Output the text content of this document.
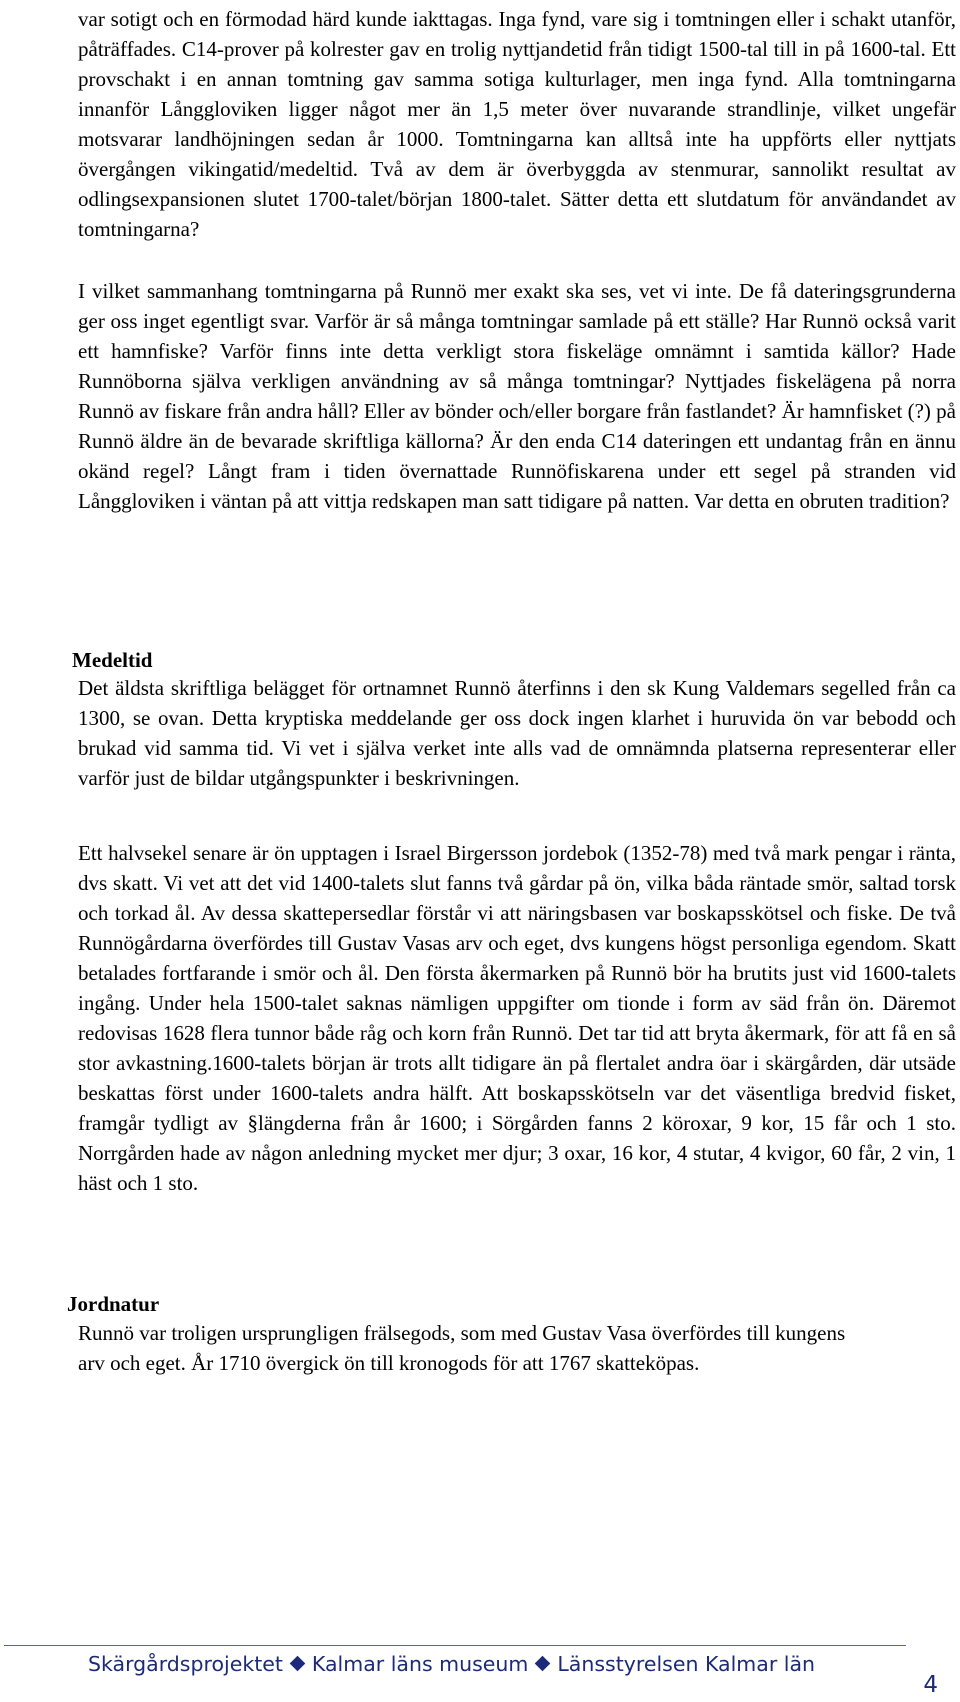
var sotigt och en förmodad härd kunde iakttagas. Inga fynd, vare sig i tomtningen eller i schakt utanför, påträffades. C14-prover på kolrester gav en trolig nyttjandetid från tidigt 1500-tal till in på 1600-tal. Ett provschakt i en annan tomtning gav samma sotiga kulturlager, men inga fynd. Alla tomtningarna innanför Långgloviken ligger något mer än 1,5 meter över nuvarande strandlinje, vilket ungefär motsvarar landhöjningen sedan år 1000. Tomtningarna kan alltså inte ha uppförts eller nyttjats övergången vikingatid/medeltid. Två av dem är överbyggda av stenmurar, sannolikt resultat av odlingsexpansionen slutet 1700-talet/början 1800-talet. Sätter detta ett slutdatum för användandet av tomtningarna?

I vilket sammanhang tomtningarna på Runnö mer exakt ska ses, vet vi inte. De få dateringsgrunderna ger oss inget egentligt svar. Varför är så många tomtningar samlade på ett ställe? Har Runnö också varit ett hamnfiske? Varför finns inte detta verkligt stora fiskeläge omnämnt i samtida källor? Hade Runnöborna själva verkligen användning av så många tomtningar? Nyttjades fiskelägena på norra Runnö av fiskare från andra håll? Eller av bönder och/eller borgare från fastlandet? Är hamnfisket (?) på Runnö äldre än de bevarade skriftliga källorna? Är den enda C14 dateringen ett undantag från en ännu okänd regel? Långt fram i tiden övernattade Runnöfiskarena under ett segel på stranden vid Långgloviken i väntan på att vittja redskapen man satt tidigare på natten. Var detta en obruten tradition?

Medeltid

Det äldsta skriftliga belägget för ortnamnet Runnö återfinns i den sk Kung Valdemars segelled från ca 1300, se ovan. Detta kryptiska meddelande ger oss dock ingen klarhet i huruvida ön var bebodd och brukad vid samma tid. Vi vet i själva verket inte alls vad de omnämnda platserna representerar eller varför just de bildar utgångspunkter i beskrivningen.

Ett halvsekel senare är ön upptagen i Israel Birgersson jordebok (1352-78) med två mark pengar i ränta, dvs skatt. Vi vet att det vid 1400-talets slut fanns två gårdar på ön, vilka båda räntade smör, saltad torsk och torkad ål. Av dessa skattepersedlar förstår vi att näringsbasen var boskapsskötsel och fiske. De två Runnögårdarna överfördes till Gustav Vasas arv och eget, dvs kungens högst personliga egendom. Skatt betalades fortfarande i smör och ål. Den första åkermarken på Runnö bör ha brutits just vid 1600-talets ingång. Under hela 1500-talet saknas nämligen uppgifter om tionde i form av säd från ön. Däremot redovisas 1628 flera tunnor både råg och korn från Runnö. Det tar tid att bryta åkermark, för att få en så stor avkastning.1600-talets början är trots allt tidigare än på flertalet andra öar i skärgården, där utsäde beskattas först under 1600-talets andra hälft. Att boskapsskötseln var det väsentliga bredvid fisket, framgår tydligt av §längderna från år 1600; i Sörgården fanns 2 köroxar, 9 kor, 15 får och 1 sto. Norrgården hade av någon anledning mycket mer djur; 3 oxar, 16 kor, 4 stutar, 4 kvigor, 60 får, 2 vin, 1 häst och 1 sto.

Jordnatur

Runnö var troligen ursprungligen frälsegods, som med Gustav Vasa överfördes till kungens arv och eget. År 1710 övergick ön till kronogods för att 1767 skatteköpas.

Skärgårdsprojektet Kalmar läns museum Länsstyrelsen Kalmar län
4
